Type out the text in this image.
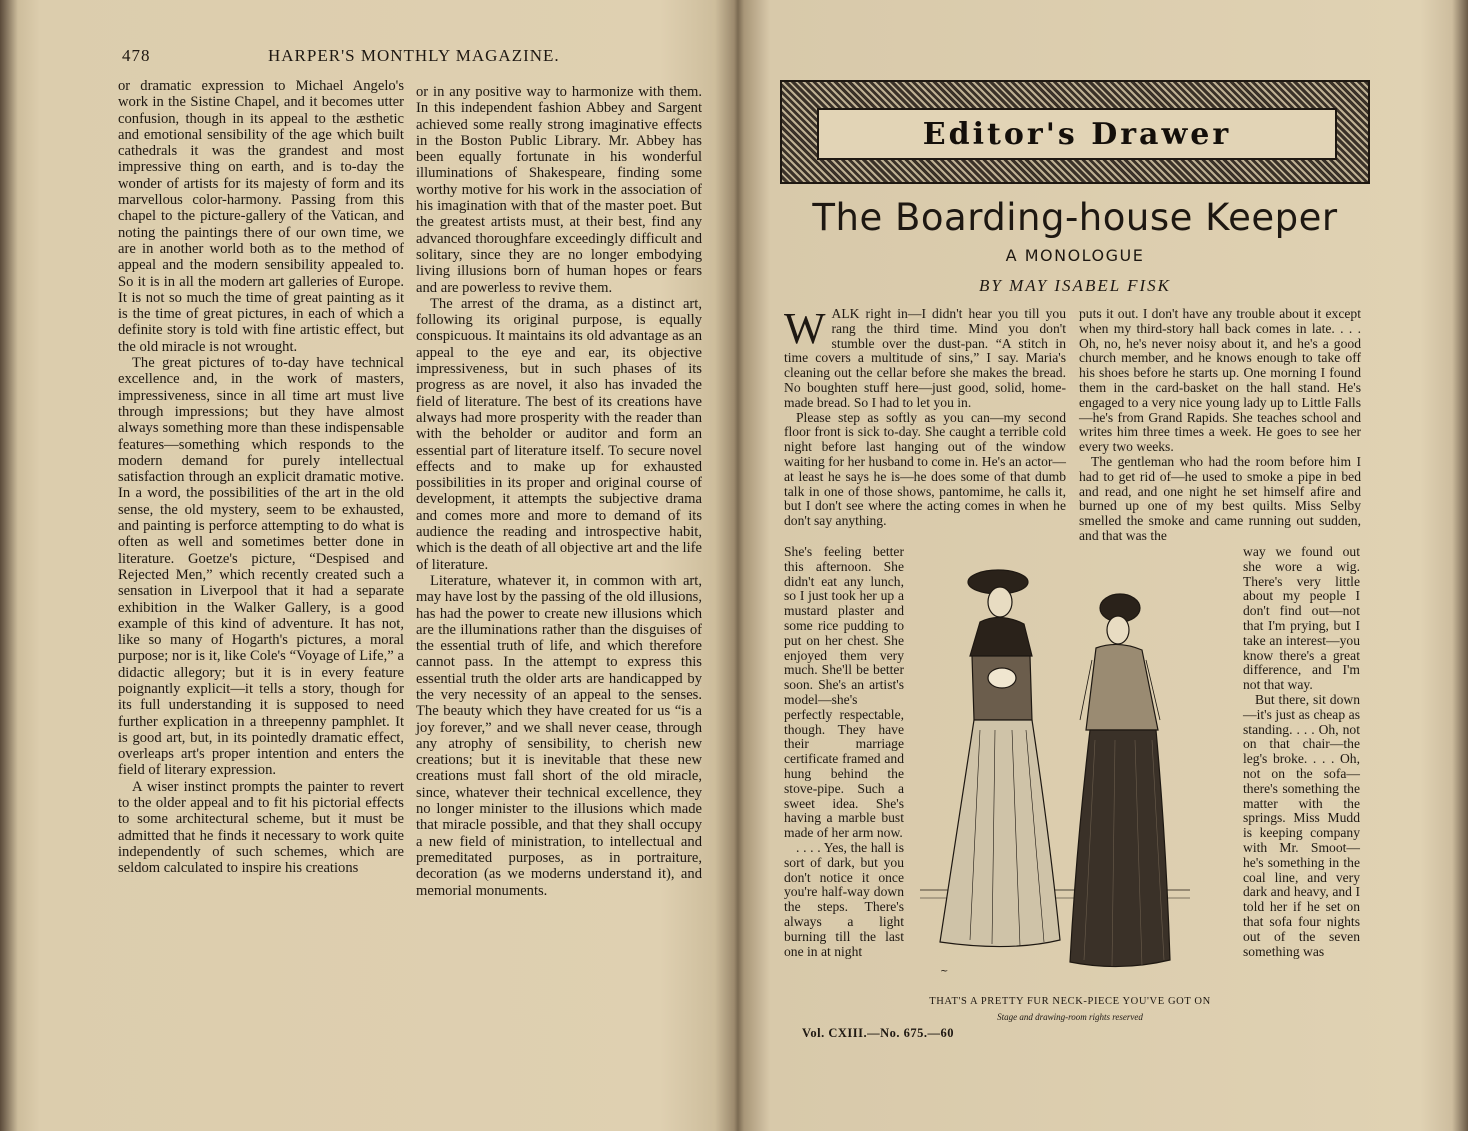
478	HARPER'S MONTHLY MAGAZINE.

or dramatic expression to Michael Angelo's work in the Sistine Chapel, and it becomes utter confusion, though in its appeal to the æsthetic and emotional sensibility of the age which built cathedrals it was the grandest and most impressive thing on earth, and is to-day the wonder of artists for its majesty of form and its marvellous color-harmony. Passing from this chapel to the picture-gallery of the Vatican, and noting the paintings there of our own time, we are in another world both as to the method of appeal and the modern sensibility appealed to. So it is in all the modern art galleries of Europe. It is not so much the time of great painting as it is the time of great pictures, in each of which a definite story is told with fine artistic effect, but the old miracle is not wrought.

The great pictures of to-day have technical excellence and, in the work of masters, impressiveness, since in all time art must live through impressions; but they have almost always something more than these indispensable features—something which responds to the modern demand for purely intellectual satisfaction through an explicit dramatic motive. In a word, the possibilities of the art in the old sense, the old mystery, seem to be exhausted, and painting is perforce attempting to do what is often as well and sometimes better done in literature. Goetze's picture, “Despised and Rejected Men,” which recently created such a sensation in Liverpool that it had a separate exhibition in the Walker Gallery, is a good example of this kind of adventure. It has not, like so many of Hogarth's pictures, a moral purpose; nor is it, like Cole's “Voyage of Life,” a didactic allegory; but it is in every feature poignantly explicit—it tells a story, though for its full understanding it is supposed to need further explication in a threepenny pamphlet. It is good art, but, in its pointedly dramatic effect, overleaps art's proper intention and enters the field of literary expression.

A wiser instinct prompts the painter to revert to the older appeal and to fit his pictorial effects to some architectural scheme, but it must be admitted that he finds it necessary to work quite independently of such schemes, which are seldom calculated to inspire his creations

or in any positive way to harmonize with them. In this independent fashion Abbey and Sargent achieved some really strong imaginative effects in the Boston Public Library. Mr. Abbey has been equally fortunate in his wonderful illuminations of Shakespeare, finding some worthy motive for his work in the association of his imagination with that of the master poet. But the greatest artists must, at their best, find any advanced thoroughfare exceedingly difficult and solitary, since they are no longer embodying living illusions born of human hopes or fears and are powerless to revive them.

The arrest of the drama, as a distinct art, following its original purpose, is equally conspicuous. It maintains its old advantage as an appeal to the eye and ear, its objective impressiveness, but in such phases of its progress as are novel, it also has invaded the field of literature. The best of its creations have always had more prosperity with the reader than with the beholder or auditor and form an essential part of literature itself. To secure novel effects and to make up for exhausted possibilities in its proper and original course of development, it attempts the subjective drama and comes more and more to demand of its audience the reading and introspective habit, which is the death of all objective art and the life of literature.

Literature, whatever it, in common with art, may have lost by the passing of the old illusions, has had the power to create new illusions which are the illuminations rather than the disguises of the essential truth of life, and which therefore cannot pass. In the attempt to express this essential truth the older arts are handicapped by the very necessity of an appeal to the senses. The beauty which they have created for us “is a joy forever,” and we shall never cease, through any atrophy of sensibility, to cherish new creations; but it is inevitable that these new creations must fall short of the old miracle, since, whatever their technical excellence, they no longer minister to the illusions which made that miracle possible, and that they shall occupy a new field of ministration, to intellectual and premeditated purposes, as in portraiture, decoration (as we moderns understand it), and memorial monuments.

Editor's Drawer
The Boarding-house Keeper
A MONOLOGUE
BY MAY ISABEL FISK

WALK right in—I didn't hear you till you rang the third time. Mind you don't stumble over the dust-pan. “A stitch in time covers a multitude of sins,” I say. Maria's cleaning out the cellar before she makes the bread. No boughten stuff here—just good, solid, home-made bread. So I had to let you in.

Please step as softly as you can—my second floor front is sick to-day. She caught a terrible cold night before last hanging out of the window waiting for her husband to come in. He's an actor—at least he says he is—he does some of that dumb talk in one of those shows, pantomime, he calls it, but I don't see where the acting comes in when he don't say anything.

puts it out. I don't have any trouble about it except when my third-story hall back comes in late. . . . Oh, no, he's never noisy about it, and he's a good church member, and he knows enough to take off his shoes before he starts up. One morning I found them in the card-basket on the hall stand. He's engaged to a very nice young lady up to Little Falls—he's from Grand Rapids. She teaches school and writes him three times a week. He goes to see her every two weeks.

The gentleman who had the room before him I had to get rid of—he used to smoke a pipe in bed and read, and one night he set himself afire and burned up one of my best quilts. Miss Selby smelled the smoke and came running out sudden, and that was the

She's feeling better this afternoon. She didn't eat any lunch, so I just took her up a mustard plaster and some rice pudding to put on her chest. She enjoyed them very much. She'll be better soon. She's an artist's model—she's perfectly respectable, though. They have their marriage certificate framed and hung behind the stove-pipe. Such a sweet idea. She's having a marble bust made of her arm now.

. . . . Yes, the hall is sort of dark, but you don't notice it once you're half-way down the steps. There's always a light burning till the last one in at night

way we found out she wore a wig. There's very little about my people I don't find out—not that I'm prying, but I take an interest—you know there's a great difference, and I'm not that way.

But there, sit down—it's just as cheap as standing. . . . Oh, not on that chair—the leg's broke. . . . Oh, not on the sofa—there's something the matter with the springs. Miss Mudd is keeping company with Mr. Smoot—he's something in the coal line, and very dark and heavy, and I told her if he set on that sofa four nights out of the seven something was

~
THAT'S A PRETTY FUR NECK-PIECE YOU'VE GOT ON
Stage and drawing-room rights reserved
Vol. CXIII.—No. 675.—60
